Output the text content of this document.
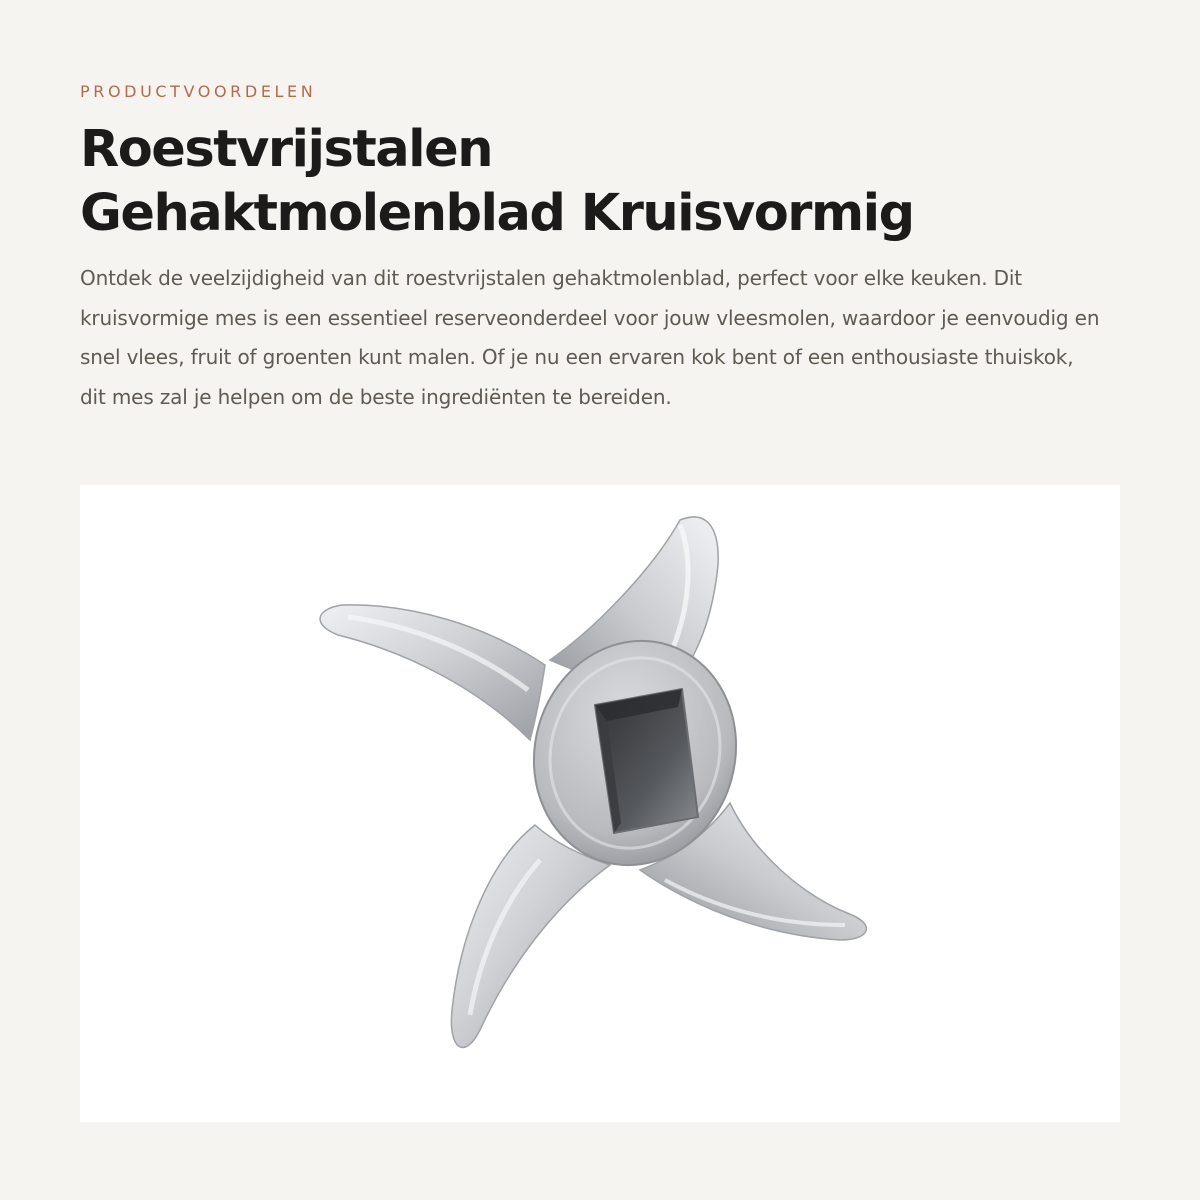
PRODUCTVOORDELEN

Roestvrijstalen
Gehaktmolenblad Kruisvormig

Ontdek de veelzijdigheid van dit roestvrijstalen gehaktmolenblad, perfect voor elke keuken. Dit kruisvormige mes is een essentieel reserveonderdeel voor jouw vleesmolen, waardoor je eenvoudig en snel vlees, fruit of groenten kunt malen. Of je nu een ervaren kok bent of een enthousiaste thuiskok, dit mes zal je helpen om de beste ingrediënten te bereiden.
